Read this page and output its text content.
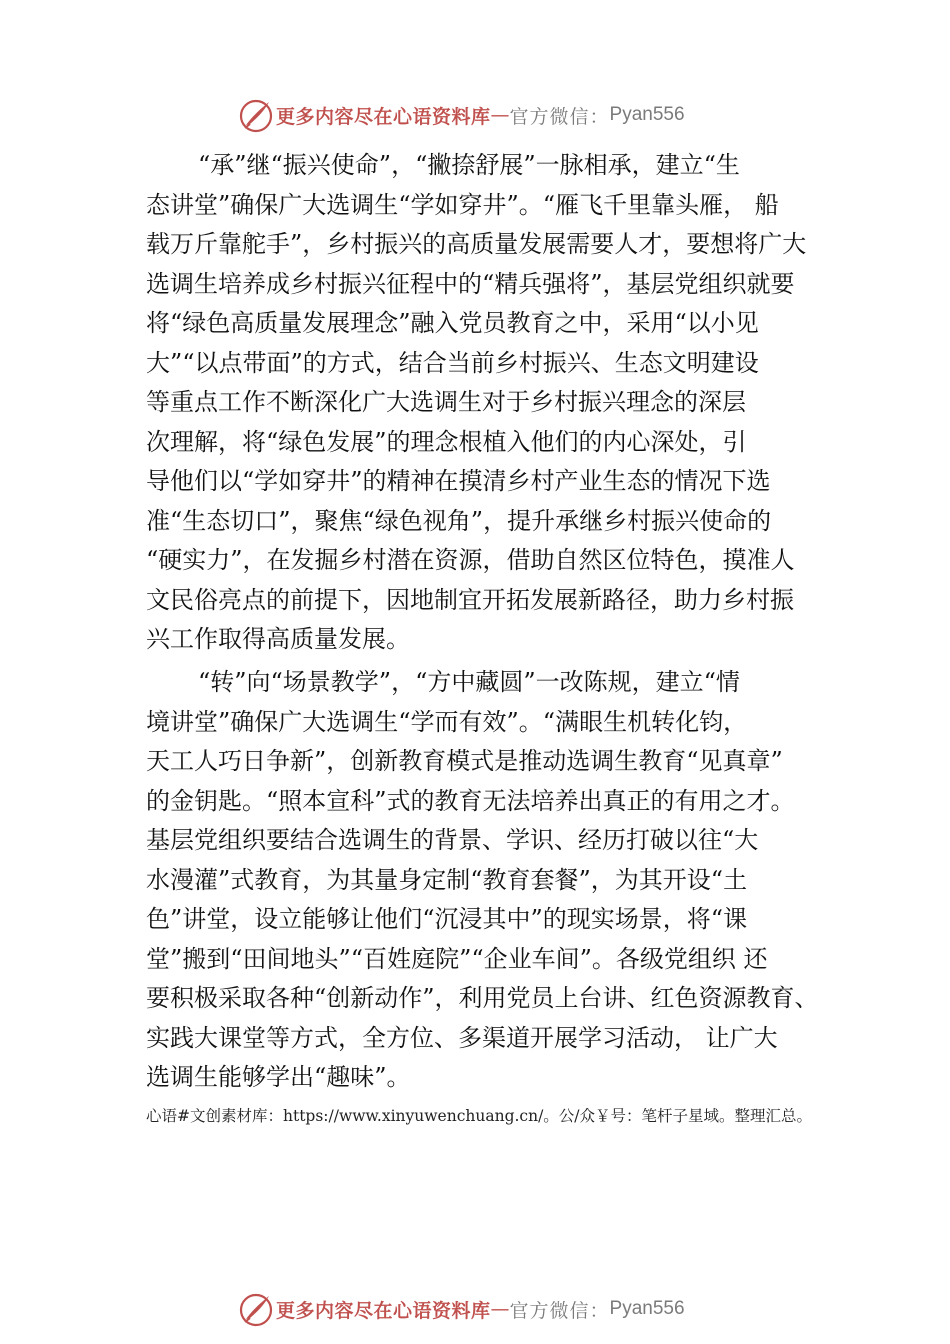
更多内容尽在心语资料库 — 官方微信： Pyan556
“承”继“振兴使命”，“撇捺舒展”一脉相承，建立“生
态讲堂”确保广大选调生“学如穿井”。“雁飞千里靠头雁， 船
载万斤靠舵手”，乡村振兴的高质量发展需要人才，要想将广大
选调生培养成乡村振兴征程中的“精兵强将”，基层党组织就要
将“绿色高质量发展理念”融入党员教育之中，采用“以小见
大”“以点带面”的方式，结合当前乡村振兴、生态文明建设
等重点工作不断深化广大选调生对于乡村振兴理念的深层
次理解，将“绿色发展”的理念根植入他们的内心深处，引
导他们以“学如穿井”的精神在摸清乡村产业生态的情况下选
准“生态切口”，聚焦“绿色视角”，提升承继乡村振兴使命的
“硬实力”，在发掘乡村潜在资源，借助自然区位特色，摸准人
文民俗亮点的前提下，因地制宜开拓发展新路径，助力乡村振
兴工作取得高质量发展。
“转”向“场景教学”，“方中藏圆”一改陈规，建立“情
境讲堂”确保广大选调生“学而有效”。“满眼生机转化钧，
天工人巧日争新”，创新教育模式是推动选调生教育“见真章”
的金钥匙。“照本宣科”式的教育无法培养出真正的有用之才。
基层党组织要结合选调生的背景、学识、经历打破以往“大
水漫灌”式教育，为其量身定制“教育套餐”，为其开设“土
色”讲堂，设立能够让他们“沉浸其中”的现实场景，将“课
堂”搬到“田间地头”“百姓庭院”“企业车间”。各级党组织 还
要积极采取各种“创新动作”，利用党员上台讲、红色资源教育、
实践大课堂等方式，全方位、多渠道开展学习活动， 让广大
选调生能够学出“趣味”。
心语#文创素材库：https://www.xinyuwenchuang.cn/。公/众￥号：笔杆子星域。整理汇总。
更多内容尽在心语资料库 — 官方微信： Pyan556
